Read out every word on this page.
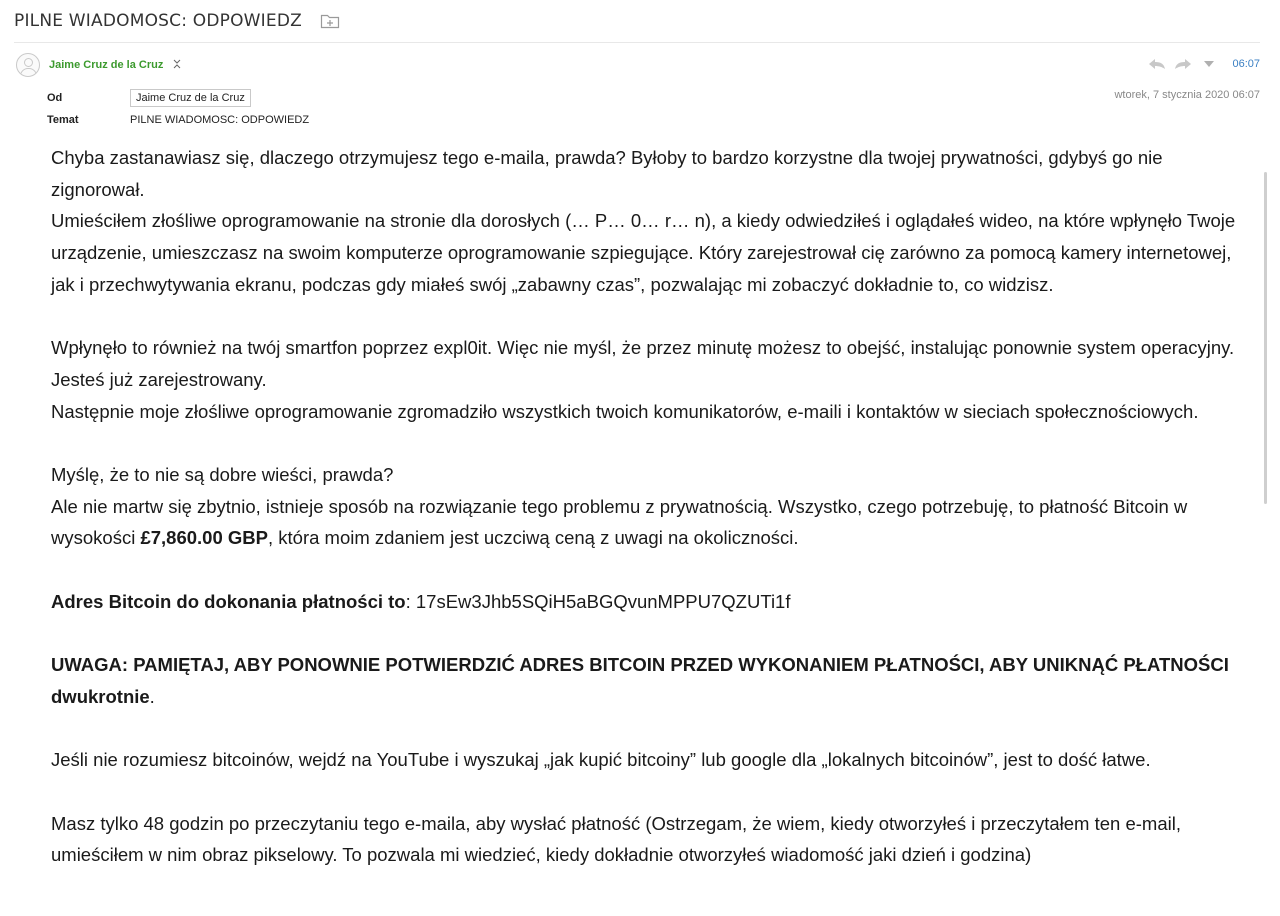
PILNE WIADOMOSC: ODPOWIEDZ
Jaime Cruz de la Cruz	06:07
Od	Jaime Cruz de la Cruz
Temat	PILNE WIADOMOSC: ODPOWIEDZ
wtorek, 7 stycznia 2020 06:07

Chyba zastanawiasz się, dlaczego otrzymujesz tego e-maila, prawda? Byłoby to bardzo korzystne dla twojej prywatności, gdybyś go nie zignorował.

Umieściłem złośliwe oprogramowanie na stronie dla dorosłych (… P… 0… r… n), a kiedy odwiedziłeś i oglądałeś wideo, na które wpłynęło Twoje urządzenie, umieszczasz na swoim komputerze oprogramowanie szpiegujące. Który zarejestrował cię zarówno za pomocą kamery internetowej, jak i przechwytywania ekranu, podczas gdy miałeś swój „zabawny czas”, pozwalając mi zobaczyć dokładnie to, co widzisz.

Wpłynęło to również na twój smartfon poprzez expl0it. Więc nie myśl, że przez minutę możesz to obejść, instalując ponownie system operacyjny. Jesteś już zarejestrowany.

Następnie moje złośliwe oprogramowanie zgromadziło wszystkich twoich komunikatorów, e-maili i kontaktów w sieciach społecznościowych.

Myślę, że to nie są dobre wieści, prawda?

Ale nie martw się zbytnio, istnieje sposób na rozwiązanie tego problemu z prywatnością. Wszystko, czego potrzebuję, to płatność Bitcoin w wysokości £7,860.00 GBP, która moim zdaniem jest uczciwą ceną z uwagi na okoliczności.

Adres Bitcoin do dokonania płatności to: 17sEw3Jhb5SQiH5aBGQvunMPPU7QZUTi1f

UWAGA: PAMIĘTAJ, ABY PONOWNIE POTWIERDZIĆ ADRES BITCOIN PRZED WYKONANIEM PŁATNOŚCI, ABY UNIKNĄĆ PŁATNOŚCI dwukrotnie.

Jeśli nie rozumiesz bitcoinów, wejdź na YouTube i wyszukaj „jak kupić bitcoiny” lub google dla „lokalnych bitcoinów”, jest to dość łatwe.

Masz tylko 48 godzin po przeczytaniu tego e-maila, aby wysłać płatność (Ostrzegam, że wiem, kiedy otworzyłeś i przeczytałem ten e-mail, umieściłem w nim obraz pikselowy. To pozwala mi wiedzieć, kiedy dokładnie otworzyłeś wiadomość jaki dzień i godzina)
